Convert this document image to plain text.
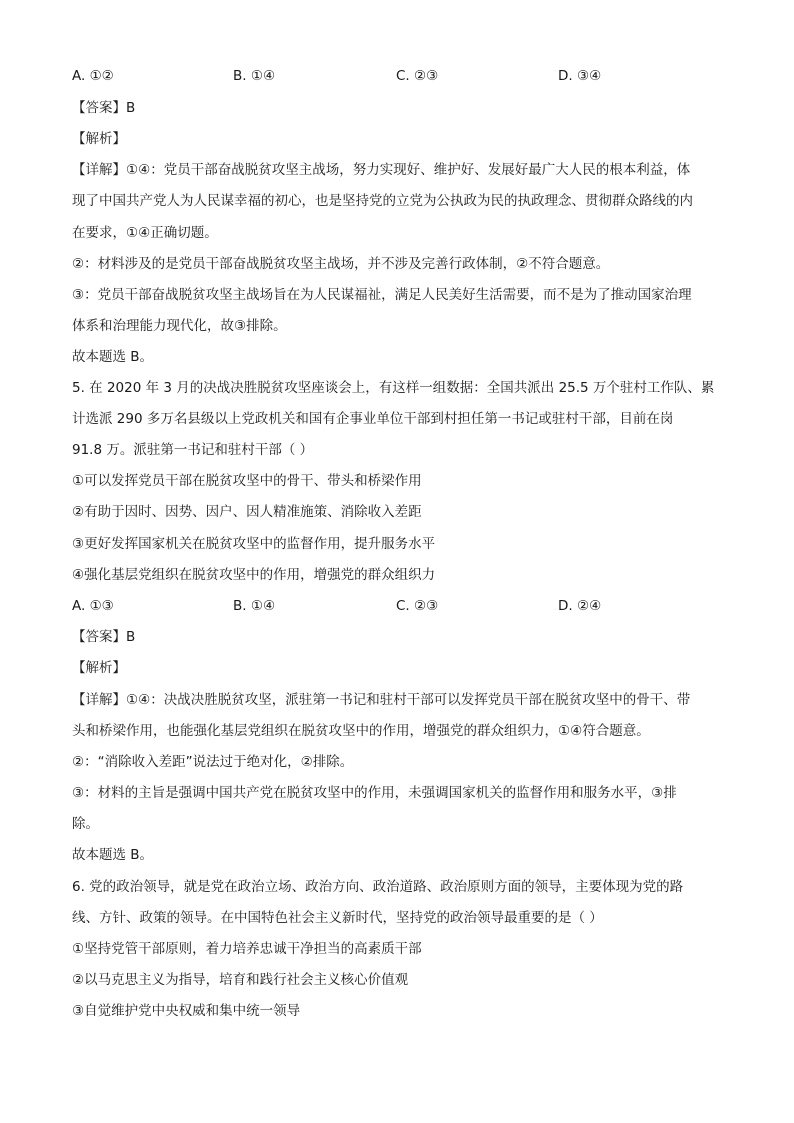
A. ①②	B. ①④	C. ②③	D. ③④
【答案】B
【解析】
【详解】①④：党员干部奋战脱贫攻坚主战场，努力实现好、维护好、发展好最广大人民的根本利益，体
现了中国共产党人为人民谋幸福的初心，也是坚持党的立党为公执政为民的执政理念、贯彻群众路线的内
在要求，①④正确切题。
②：材料涉及的是党员干部奋战脱贫攻坚主战场，并不涉及完善行政体制，②不符合题意。
③：党员干部奋战脱贫攻坚主战场旨在为人民谋福祉，满足人民美好生活需要，而不是为了推动国家治理
体系和治理能力现代化，故③排除。
故本题选 B。
5. 在 2020 年 3 月的决战决胜脱贫攻坚座谈会上，有这样一组数据：全国共派出 25.5 万个驻村工作队、累
计选派 290 多万名县级以上党政机关和国有企事业单位干部到村担任第一书记或驻村干部，目前在岗
91.8 万。派驻第一书记和驻村干部（ ）
①可以发挥党员干部在脱贫攻坚中的骨干、带头和桥梁作用
②有助于因时、因势、因户、因人精准施策、消除收入差距
③更好发挥国家机关在脱贫攻坚中的监督作用，提升服务水平
④强化基层党组织在脱贫攻坚中的作用，增强党的群众组织力
A. ①③	B. ①④	C. ②③	D. ②④
【答案】B
【解析】
【详解】①④：决战决胜脱贫攻坚，派驻第一书记和驻村干部可以发挥党员干部在脱贫攻坚中的骨干、带
头和桥梁作用，也能强化基层党组织在脱贫攻坚中的作用，增强党的群众组织力，①④符合题意。
②：“消除收入差距”说法过于绝对化，②排除。
③：材料的主旨是强调中国共产党在脱贫攻坚中的作用，未强调国家机关的监督作用和服务水平，③排
除。
故本题选 B。
6. 党的政治领导，就是党在政治立场、政治方向、政治道路、政治原则方面的领导，主要体现为党的路
线、方针、政策的领导。在中国特色社会主义新时代，坚持党的政治领导最重要的是（ ）
①坚持党管干部原则，着力培养忠诚干净担当的高素质干部
②以马克思主义为指导，培育和践行社会主义核心价值观
③自觉维护党中央权威和集中统一领导
